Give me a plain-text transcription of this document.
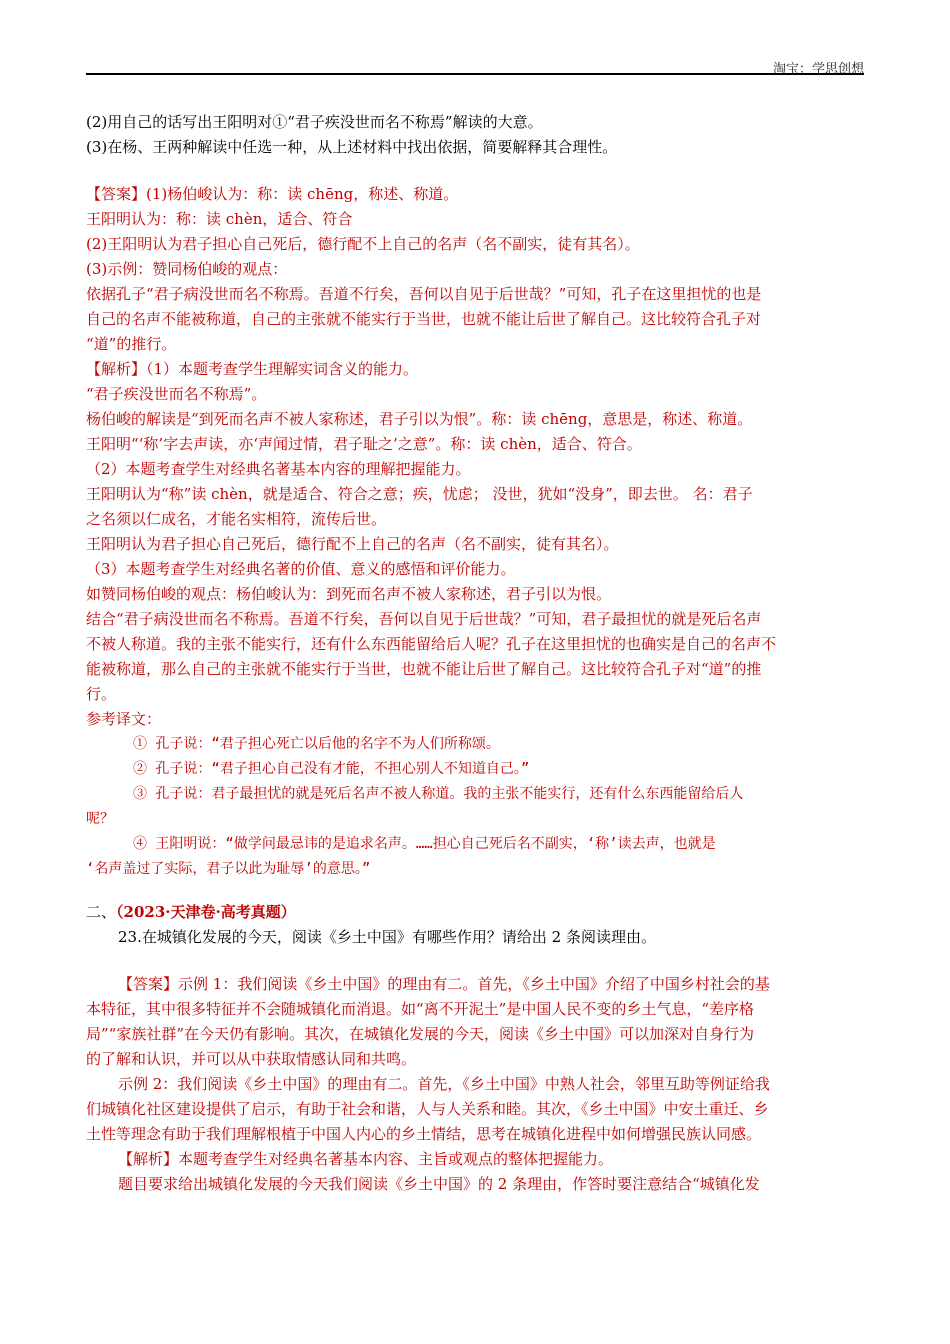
淘宝：学思创想
(2)用自己的话写出王阳明对①“君子疾没世而名不称焉”解读的大意。
(3)在杨、王两种解读中任选一种，从上述材料中找出依据，简要解释其合理性。
【答案】(1)杨伯峻认为：称：读 chēng，称述、称道。
王阳明认为：称：读 chèn，适合、符合
(2)王阳明认为君子担心自己死后，德行配不上自己的名声（名不副实，徒有其名）。
(3)示例：赞同杨伯峻的观点：
依据孔子“君子病没世而名不称焉。吾道不行矣，吾何以自见于后世哉？”可知，孔子在这里担忧的也是
自己的名声不能被称道，自己的主张就不能实行于当世，也就不能让后世了解自己。这比较符合孔子对
“道”的推行。
【解析】（1）本题考查学生理解实词含义的能力。
“君子疾没世而名不称焉”。
杨伯峻的解读是“到死而名声不被人家称述，君子引以为恨”。称：读 chēng，意思是，称述、称道。
王阳明“‘称’字去声读，亦‘声闻过情，君子耻之’之意”。称：读 chèn，适合、符合。
（2）本题考查学生对经典名著基本内容的理解把握能力。
王阳明认为“称”读 chèn，就是适合、符合之意；疾，忧虑； 没世，犹如“没身”，即去世。 名：君子
之名须以仁成名，才能名实相符，流传后世。
王阳明认为君子担心自己死后，德行配不上自己的名声（名不副实，徒有其名）。
（3）本题考查学生对经典名著的价值、意义的感悟和评价能力。
如赞同杨伯峻的观点：杨伯峻认为：到死而名声不被人家称述，君子引以为恨。
结合“君子病没世而名不称焉。吾道不行矣，吾何以自见于后世哉？”可知，君子最担忧的就是死后名声
不被人称道。我的主张不能实行，还有什么东西能留给后人呢？孔子在这里担忧的也确实是自己的名声不
能被称道，那么自己的主张就不能实行于当世，也就不能让后世了解自己。这比较符合孔子对“道”的推
行。
参考译文：
① 孔子说：“君子担心死亡以后他的名字不为人们所称颂。
② 孔子说：“君子担心自己没有才能，不担心别人不知道自己。”
③ 孔子说：君子最担忧的就是死后名声不被人称道。我的主张不能实行，还有什么东西能留给后人
呢？
④ 王阳明说：“做学问最忌讳的是追求名声。……担心自己死后名不副实，‘称’读去声，也就是
‘名声盖过了实际，君子以此为耻辱’的意思。”
二、（2023·天津卷·高考真题）
23.在城镇化发展的今天，阅读《乡土中国》有哪些作用？请给出 2 条阅读理由。
【答案】示例 1：我们阅读《乡土中国》的理由有二。首先，《乡土中国》介绍了中国乡村社会的基
本特征，其中很多特征并不会随城镇化而消退。如“离不开泥土”是中国人民不变的乡土气息，“差序格
局”“家族社群”在今天仍有影响。其次，在城镇化发展的今天，阅读《乡土中国》可以加深对自身行为
的了解和认识，并可以从中获取情感认同和共鸣。
示例 2：我们阅读《乡土中国》的理由有二。首先，《乡土中国》中熟人社会，邻里互助等例证给我
们城镇化社区建设提供了启示，有助于社会和谐，人与人关系和睦。其次，《乡土中国》中安土重迁、乡
土性等理念有助于我们理解根植于中国人内心的乡土情结，思考在城镇化进程中如何增强民族认同感。
【解析】本题考查学生对经典名著基本内容、主旨或观点的整体把握能力。
题目要求给出城镇化发展的今天我们阅读《乡土中国》的 2 条理由，作答时要注意结合“城镇化发
